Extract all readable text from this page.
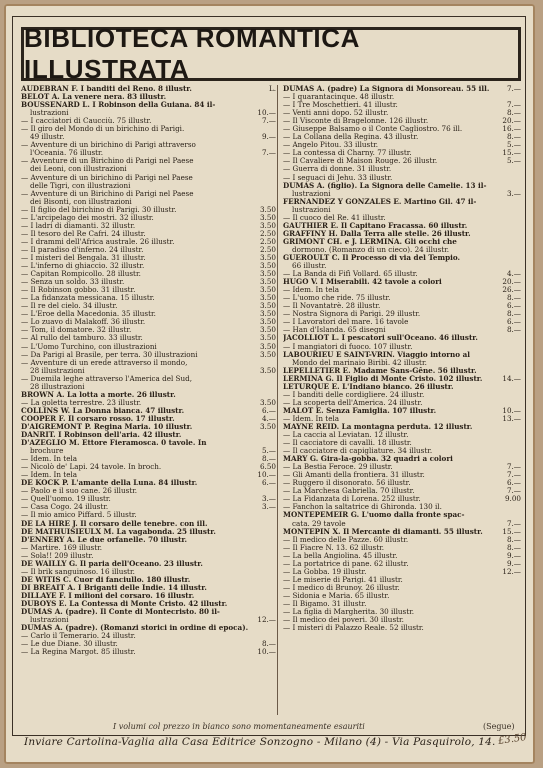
BIBLIOTECA ROMANTICA ILLUSTRATA
AUDEBRAN F. I banditi del Reno. 8 illustr.	L.
BELOT A. La venere nera. 83 illustr.
BOUSSENARD L. I Robinson della Guiana. 84 il-
lustrazioni	10.—
— I cacciatori di Caucciù. 75 illustr.	7.—
— Il giro del Mondo di un birichino di Parigi.
49 illustr.	9.—
— Avventure di un birichino di Parigi attraverso
l'Oceania. 76 illustr.	7.—
— Avventure di un Birichino di Parigi nel Paese
dei Leoni, con illustrazioni
— Avventure di un birichino di Parigi nel Paese
delle Tigri, con illustrazioni
— Avventure di un Birichino di Parigi nel Paese
dei Bisonti, con illustrazioni
— Il figlio del birichino di Parigi. 30 illustr.	3.50
— L'arcipelago dei mostri. 32 illustr.	3.50
— I ladri di diamanti. 32 illustr.	3.50
— Il tesoro del Re Cafri. 24 illustr.	2.50
— I drammi dell'Africa australe. 26 illustr.	2.50
— Il paradiso d'inferno. 24 illustr.	2.50
— I misteri del Bengala. 31 illustr.	3.50
— L'inferno di ghiaccio. 32 illustr.	3.50
— Capitan Rompicollo. 28 illustr.	3.50
— Senza un soldo. 33 illustr.	3.50
— Il Robinson gobbo. 31 illustr.	3.50
— La fidanzata messicana. 15 illustr.	3.50
— Il re del cielo. 34 illustr.	3.50
— L'Eroe della Macedonia. 35 illustr.	3.50
— Lo zuavo di Malakoff. 36 illustr.	3.50
— Tom, il domatore. 32 illustr.	3.50
— Al rullo del tamburo. 33 illustr.	3.50
— L'Uomo Turchino, con illustrazioni	3.50
— Da Parigi al Brasile, per terra. 30 illustrazioni	3.50
— Avventure di un erede attraverso il mondo,
28 illustrazioni	3.50
— Duemila leghe attraverso l'America del Sud,
28 illustrazioni
BROWN A. La lotta a morte. 26 illustr.
— La goletta terrestre. 23 illustr.	3.50
COLLINS W. La Donna bianca. 47 illustr.	6.—
COOPER F. Il corsaro rosso. 17 illustr.	4.—
D'AIGREMONT P. Regina Maria. 10 illustr.	3.50
DANRIT. I Robinson dell'aria. 42 illustr.
D'AZEGLIO M. Ettore Fieramosca. 0 tavole. In
brochure	5.—
— Idem. In tela	8.—
— Nicolò de' Lapi. 24 tavole. In broch.	6.50
— Idem. In tela	10.—
DE KOCK P. L'amante della Luna. 84 illustr.	6.—
— Paolo e il suo cane. 26 illustr.
— Quell'uomo. 19 illustr.	3.—
— Casa Cogo. 24 illustr.	3.—
— Il mio amico Piffard. 5 illustr.
DE LA HIRE J. Il corsaro delle tenebre. con ill.
DE MATHUISIEULX M. La vagabonda. 25 illustr.
D'ENNERY A. Le due orfanelle. 70 illustr.
— Martire. 169 illustr.
— Sola!! 209 illustr.
DE WAILLY G. Il paria dell'Oceano. 23 illustr.
— Il brik sanguinoso. 16 illustr.
DE WITIS C. Cuor di fanciullo. 180 illustr.
DI BREAIT A. I Briganti delle Indie. 14 illustr.
DILLAYE F. I milioni del corsaro. 16 illustr.
DUBOYS E. La Contessa di Monte Cristo. 42 illustr.
DUMAS A. (padre). Il Conte di Montecristo. 80 il-
lustrazioni	12.—
DUMAS A. (padre). (Romanzi storici in ordine di epoca).
— Carlo il Temerario. 24 illustr.
— Le due Diane. 30 illustr.	8.—
— La Regina Margot. 85 illustr.	10.—
DUMAS A. (padre) La Signora di Monsoreau. 55 ill.	7.—
— I quarantacinque. 48 illustr.
— I Tre Moschettieri. 41 illustr.	7.—
— Venti anni dopo. 52 illustr.	8.—
— Il Visconte di Bragelonne. 126 illustr.	20.—
— Giuseppe Balsamo o il Conte Cagliostro. 76 ill.	16.—
— La Collana della Regina. 43 illustr.	8.—
— Angelo Pitou. 33 illustr.	5.—
— La contessa di Charny. 77 illustr.	15.—
— Il Cavaliere di Maison Rouge. 26 illustr.	5.—
— Guerra di donne. 31 illustr.
— I seguaci di Jehu. 33 illustr.
DUMAS A. (figlio). La Signora delle Camelie. 13 il-
lustrazioni	3.—
FERNANDEZ Y GONZALES E. Martino Gil. 47 il-
lustrazioni
— Il cuoco del Re. 41 illustr.
GAUTHIER E. Il Capitano Fracassa. 60 illustr.
GRAFFINY H. Dalla Terra alle stelle. 26 illustr.
GRIMONT CH. e J. LERMINA. Gli occhi che
dormono. (Romanzo di un cieco). 24 illustr.
GUEROULT C. Il Processo di via del Tempio.
66 illustr.
— La Banda di Fifì Vollard. 65 illustr.	4.—
HUGO V. I Miserabili. 42 tavole a colori	20.—
— Idem. In tela	26.—
— L'uomo che ride. 75 illustr.	8.—
— Il Novantatrè. 28 illustr.	6.—
— Nostra Signora di Parigi. 29 illustr.	8.—
— I Lavoratori del mare. 16 tavole	6.—
— Han d'Islanda. 65 disegni	8.—
JACOLLIOT L. I pescatori sull'Oceano. 46 illustr.
— I mangiatori di fuoco. 107 illustr.
LABOURIEU E SAINT-VRIN. Viaggio intorno al
Mondo del marinaio Biribì. 42 illustr.
LEPELLETIER E. Madame Sans-Gêne. 56 illustr.
LERMINA G. Il Figlio di Monte Cristo. 102 illustr.	14.—
LETURQUE E. L'Indiano bianco. 26 illustr.
— I banditi delle cordigliere. 24 illustr.
— La scoperta dell'America. 24 illustr.
MALOT E. Senza Famiglia. 107 illustr.	10.—
— Idem. In tela	13.—
MAYNE REID. La montagna perduta. 12 illustr.
— La caccia al Leviatan. 12 illustr.
— Il cacciatore di cavalli. 18 illustr.
— Il cacciatore di capigliature. 34 illustr.
MARY G. Gira-la-gobba. 32 quadri a colori
— La Bestia Feroce. 29 illustr.	7.—
— Gli Amanti della frontiera. 31 illustr.	7.—
— Ruggero il disonorato. 56 illustr.	6.—
— La Marchesa Gabriella. 70 illustr.	7.—
— La Fidanzata di Lorena. 252 illustr.	9.00
— Fanchon la saltatrice di Ghironda. 130 il.
MONTÉPEMEIR G. L'uomo dalla fronte spac-
cata. 29 tavole	7.—
MONTÉPIN X. Il Mercante di diamanti. 55 illustr.	15.—
— Il medico delle Pazze. 60 illustr.	8.—
— Il Fiacre N. 13. 62 illustr.	8.—
— La bella Angiolina. 45 illustr.	9.—
— La portatrice di pane. 62 illustr.	9.—
— La Gobba. 19 illustr.	12.—
— Le miserie di Parigi. 41 illustr.
— I medico di Brunoy. 26 illustr.
— Sidonia e Maria. 65 illustr.
— Il Bigamo. 31 illustr.
— La figlia di Margherita. 30 illustr.
— Il medico dei poveri. 30 illustr.
— I misteri di Palazzo Reale. 52 illustr.
I volumi col prezzo in bianco sono momentaneamente esauriti	(Segue)
Inviare Cartolina-Vaglia alla Casa Editrice Sonzogno - Milano (4) - Via Pasquirolo, 14. £3.50
